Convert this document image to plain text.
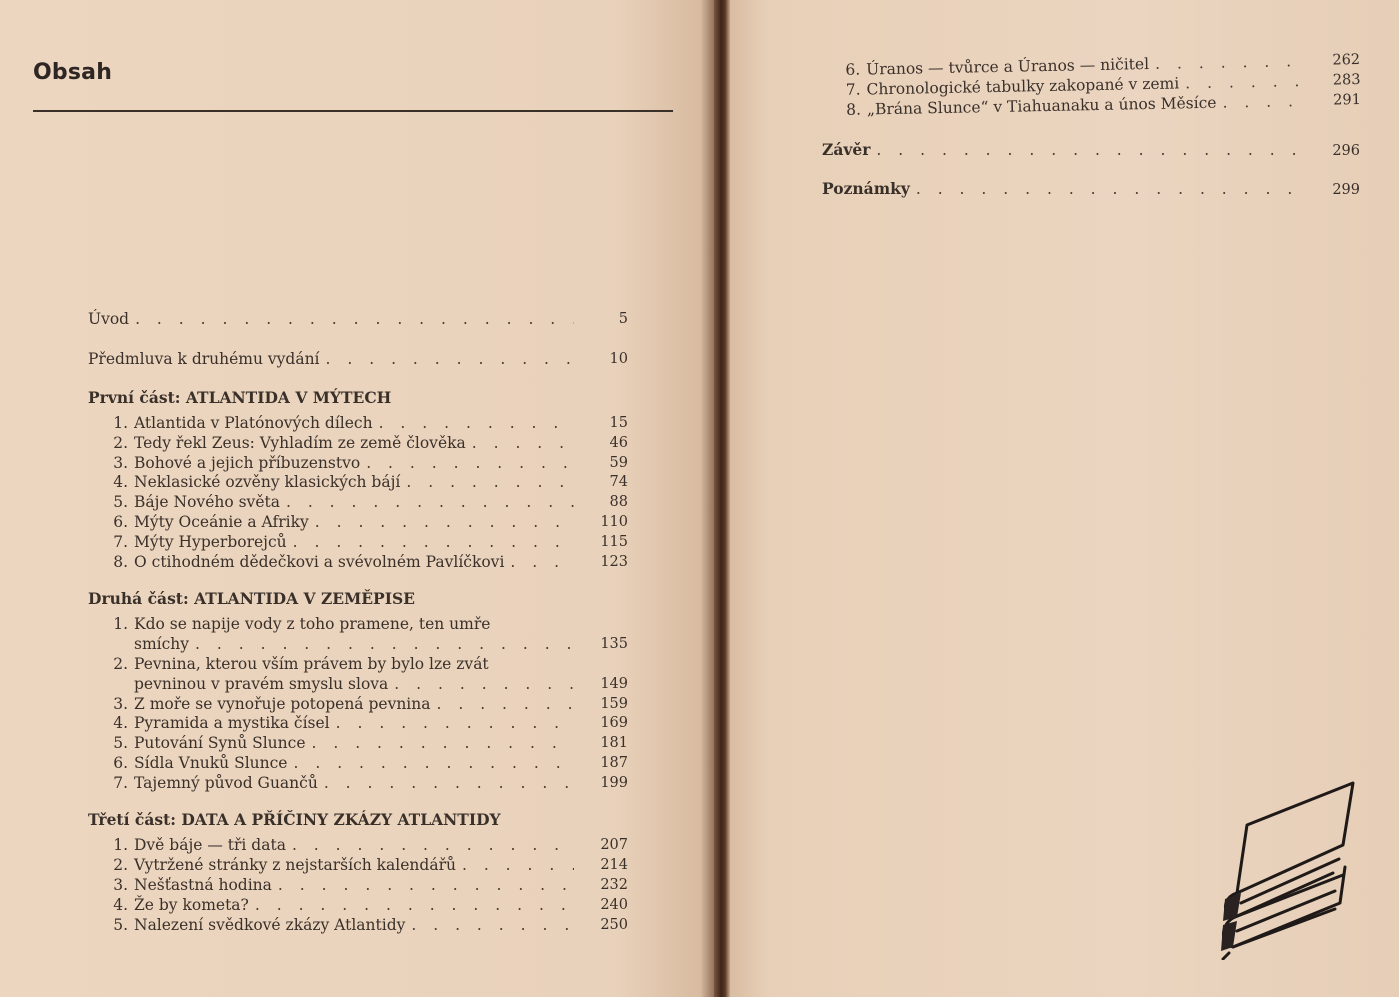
Obsah
Úvod . . .	5
Předmluva k druhému vydání . . .	10
První část: ATLANTIDA V MÝTECH
1. Atlantida v Platónových dílech . . .	15
2. Tedy řekl Zeus: Vyhladím ze země člověka . . .	46
3. Bohové a jejich příbuzenstvo . . .	59
4. Neklasické ozvěny klasických bájí . . .	74
5. Báje Nového světa . . .	88
6. Mýty Oceánie a Afriky . . .	110
7. Mýty Hyperborejců . . .	115
8. O ctihodném dědečkovi a svévolném Pavlíčkovi . . .	123
Druhá část: ATLANTIDA V ZEMĚPISE
1. Kdo se napije vody z toho pramene, ten umře
smíchy . . .	135
2. Pevnina, kterou vším právem by bylo lze zvát
pevninou v pravém smyslu slova . . .	149
3. Z moře se vynořuje potopená pevnina . . .	159
4. Pyramida a mystika čísel . . .	169
5. Putování Synů Slunce . . .	181
6. Sídla Vnuků Slunce . . .	187
7. Tajemný původ Guančů . . .	199
Třetí část: DATA A PŘÍČINY ZKÁZY ATLANTIDY
1. Dvě báje — tři data . . .	207
2. Vytržené stránky z nejstarších kalendářů . . .	214
3. Nešťastná hodina . . .	232
4. Že by kometa? . . .	240
5. Nalezení svědkové zkázy Atlantidy . . .	250
6. Úranos — tvůrce a Úranos — ničitel . . .	262
7. Chronologické tabulky zakopané v zemi . . .	283
8. „Brána Slunce“ v Tiahuanaku a únos Měsíce . . .	291
Závěr . . .	296
Poznámky . . .	299
